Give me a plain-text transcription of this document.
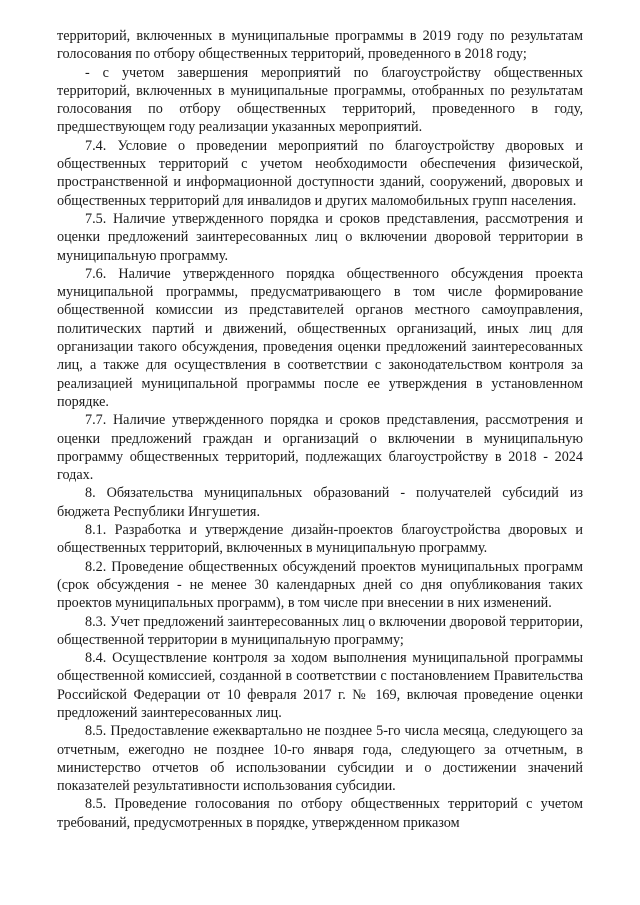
территорий, включенных в муниципальные программы в 2019 году по результатам голосования по отбору общественных территорий, проведенного в 2018 году;

- с учетом завершения мероприятий по благоустройству общественных территорий, включенных в муниципальные программы, отобранных по результатам голосования по отбору общественных территорий, проведенного в году, предшествующем году реализации указанных мероприятий.

7.4. Условие о проведении мероприятий по благоустройству дворовых и общественных территорий с учетом необходимости обеспечения физической, пространственной и информационной доступности зданий, сооружений, дворовых и общественных территорий для инвалидов и других маломобильных групп населения.

7.5. Наличие утвержденного порядка и сроков представления, рассмотрения и оценки предложений заинтересованных лиц о включении дворовой территории в муниципальную программу.

7.6. Наличие утвержденного порядка общественного обсуждения проекта муниципальной программы, предусматривающего в том числе формирование общественной комиссии из представителей органов местного самоуправления, политических партий и движений, общественных организаций, иных лиц для организации такого обсуждения, проведения оценки предложений заинтересованных лиц, а также для осуществления в соответствии с законодательством контроля за реализацией муниципальной программы после ее утверждения в установленном порядке.

7.7. Наличие утвержденного порядка и сроков представления, рассмотрения и оценки предложений граждан и организаций о включении в муниципальную программу общественных территорий, подлежащих благоустройству в 2018 - 2024 годах.

8. Обязательства муниципальных образований - получателей субсидий из бюджета Республики Ингушетия.

8.1. Разработка и утверждение дизайн-проектов благоустройства дворовых и общественных территорий, включенных в муниципальную программу.

8.2. Проведение общественных обсуждений проектов муниципальных программ (срок обсуждения - не менее 30 календарных дней со дня опубликования таких проектов муниципальных программ), в том числе при внесении в них изменений.

8.3. Учет предложений заинтересованных лиц о включении дворовой территории, общественной территории в муниципальную программу;

8.4. Осуществление контроля за ходом выполнения муниципальной программы общественной комиссией, созданной в соответствии с постановлением Правительства Российской Федерации от 10 февраля 2017 г. № 169, включая проведение оценки предложений заинтересованных лиц.

8.5. Предоставление ежеквартально не позднее 5-го числа месяца, следующего за отчетным, ежегодно не позднее 10-го января года, следующего за отчетным, в министерство отчетов об использовании субсидии и о достижении значений показателей результативности использования субсидии.

8.5. Проведение голосования по отбору общественных территорий с учетом требований, предусмотренных в порядке, утвержденном приказом
